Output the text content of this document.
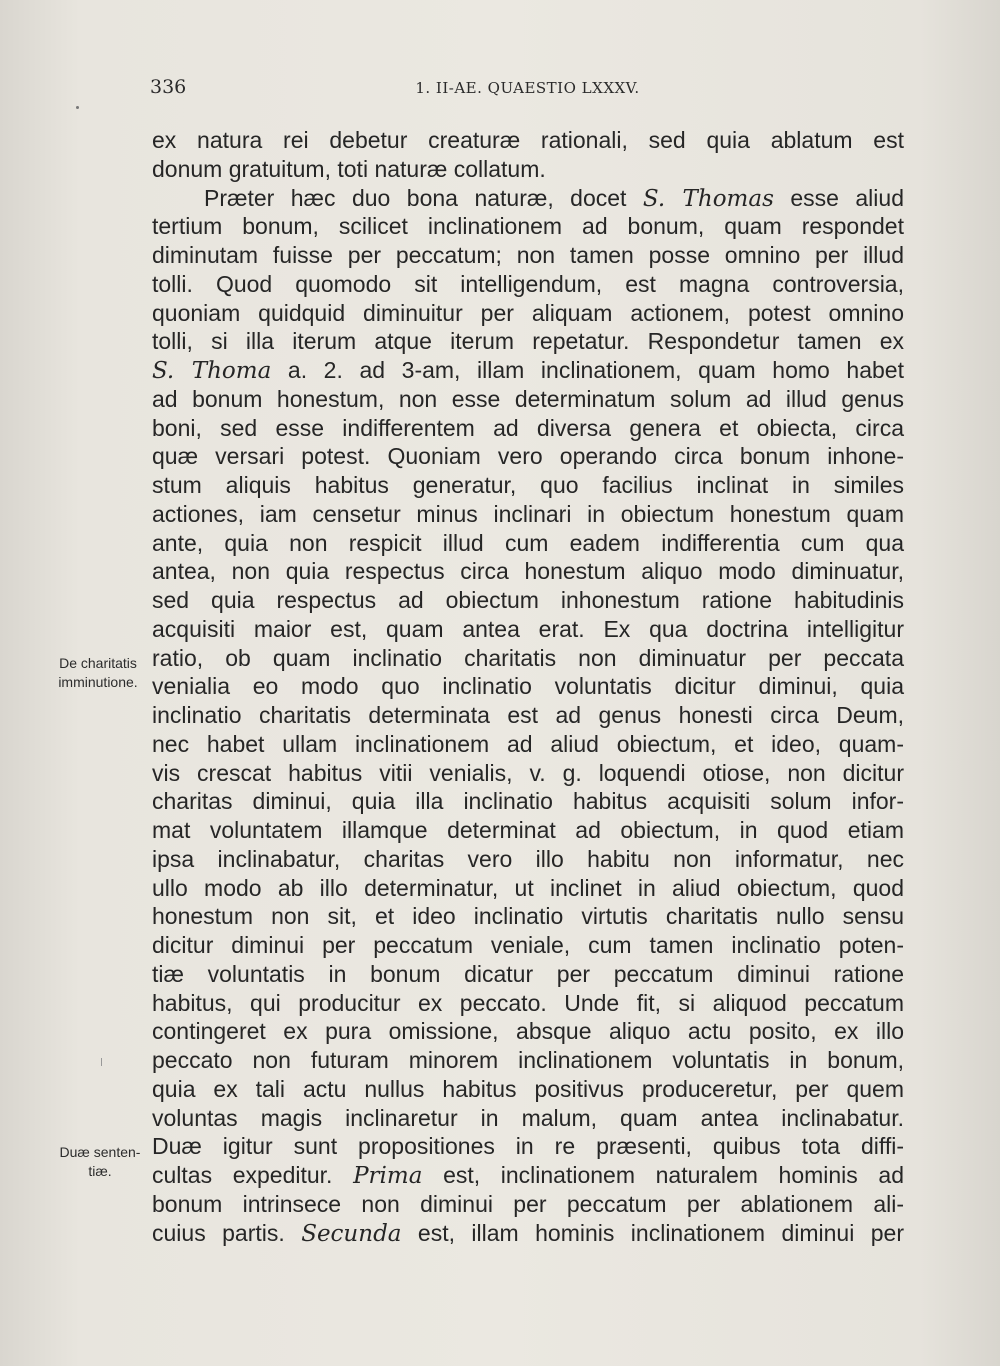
336	1. II-AE. QUAESTIO LXXXV.
De charitatis imminutione.
Duæ senten-tiæ.
ex natura rei debetur creaturæ rationali, sed quia ablatum est
donum gratuitum, toti naturæ collatum.
Præter hæc duo bona naturæ, docet S. Thomas esse aliud
tertium bonum, scilicet inclinationem ad bonum, quam respondet
diminutam fuisse per peccatum; non tamen posse omnino per illud
tolli. Quod quomodo sit intelligendum, est magna controversia,
quoniam quidquid diminuitur per aliquam actionem, potest omnino
tolli, si illa iterum atque iterum repetatur. Respondetur tamen ex
S. Thoma a. 2. ad 3-am, illam inclinationem, quam homo habet
ad bonum honestum, non esse determinatum solum ad illud genus
boni, sed esse indifferentem ad diversa genera et obiecta, circa
quæ versari potest. Quoniam vero operando circa bonum inhone-
stum aliquis habitus generatur, quo facilius inclinat in similes
actiones, iam censetur minus inclinari in obiectum honestum quam
ante, quia non respicit illud cum eadem indifferentia cum qua
antea, non quia respectus circa honestum aliquo modo diminuatur,
sed quia respectus ad obiectum inhonestum ratione habitudinis
acquisiti maior est, quam antea erat. Ex qua doctrina intelligitur
ratio, ob quam inclinatio charitatis non diminuatur per peccata
venialia eo modo quo inclinatio voluntatis dicitur diminui, quia
inclinatio charitatis determinata est ad genus honesti circa Deum,
nec habet ullam inclinationem ad aliud obiectum, et ideo, quam-
vis crescat habitus vitii venialis, v. g. loquendi otiose, non dicitur
charitas diminui, quia illa inclinatio habitus acquisiti solum infor-
mat voluntatem illamque determinat ad obiectum, in quod etiam
ipsa inclinabatur, charitas vero illo habitu non informatur, nec
ullo modo ab illo determinatur, ut inclinet in aliud obiectum, quod
honestum non sit, et ideo inclinatio virtutis charitatis nullo sensu
dicitur diminui per peccatum veniale, cum tamen inclinatio poten-
tiæ voluntatis in bonum dicatur per peccatum diminui ratione
habitus, qui producitur ex peccato. Unde fit, si aliquod peccatum
contingeret ex pura omissione, absque aliquo actu posito, ex illo
peccato non futuram minorem inclinationem voluntatis in bonum,
quia ex tali actu nullus habitus positivus produceretur, per quem
voluntas magis inclinaretur in malum, quam antea inclinabatur.
Duæ igitur sunt propositiones in re præsenti, quibus tota diffi-
cultas expeditur. Prima est, inclinationem naturalem hominis ad
bonum intrinsece non diminui per peccatum per ablationem ali-
cuius partis. Secunda est, illam hominis inclinationem diminui per
